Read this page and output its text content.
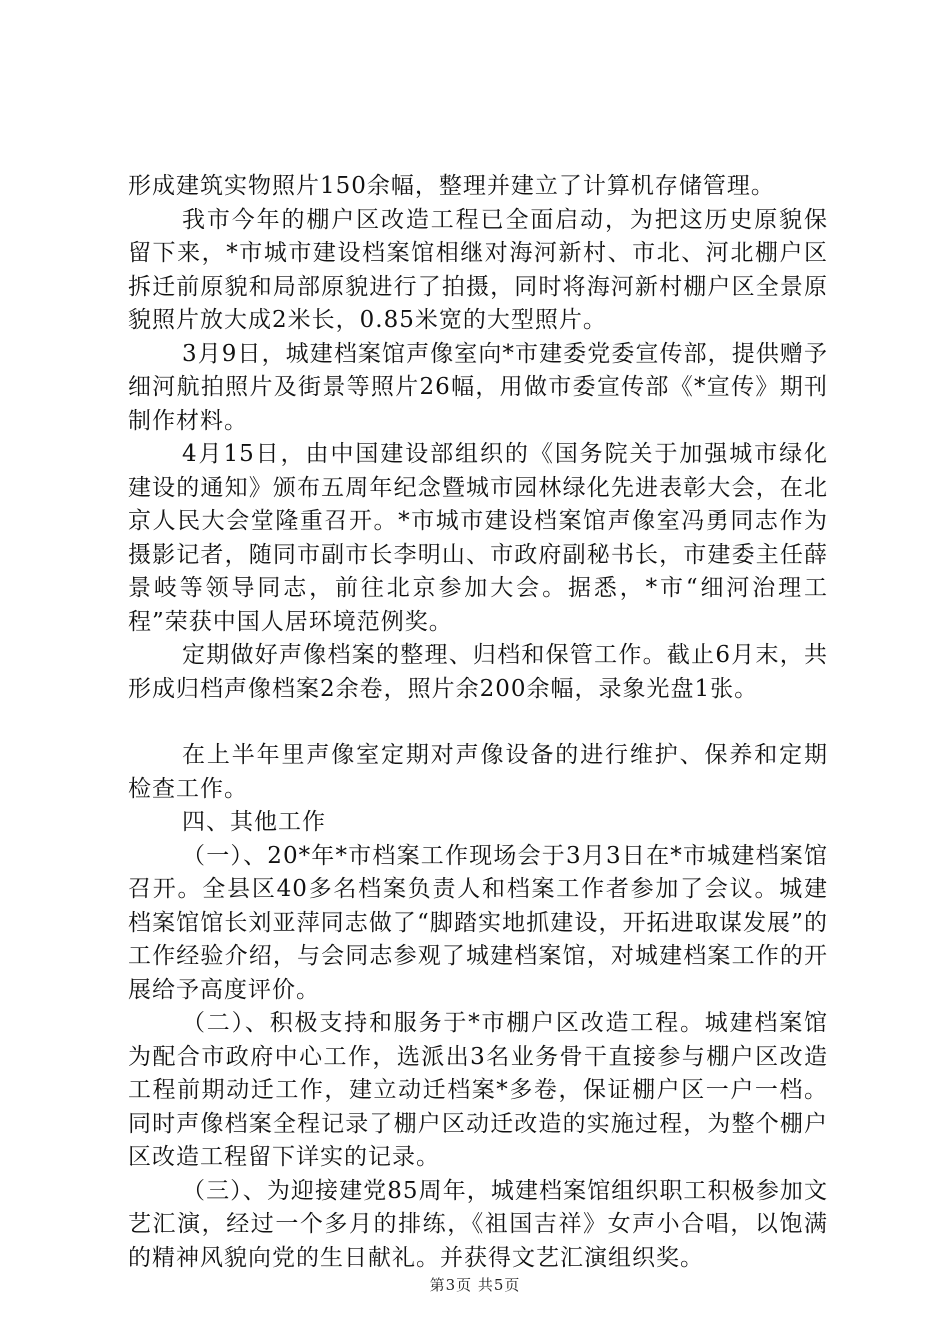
形成建筑实物照片150余幅，整理并建立了计算机存储管理。

我市今年的棚户区改造工程已全面启动，为把这历史原貌保留下来，*市城市建设档案馆相继对海河新村、市北、河北棚户区拆迁前原貌和局部原貌进行了拍摄，同时将海河新村棚户区全景原貌照片放大成2米长，0.85米宽的大型照片。

3月9日，城建档案馆声像室向*市建委党委宣传部，提供赠予细河航拍照片及街景等照片26幅，用做市委宣传部《*宣传》期刊制作材料。

4月15日，由中国建设部组织的《国务院关于加强城市绿化建设的通知》颁布五周年纪念暨城市园林绿化先进表彰大会，在北京人民大会堂隆重召开。*市城市建设档案馆声像室冯勇同志作为摄影记者，随同市副市长李明山、市政府副秘书长，市建委主任薛景岐等领导同志，前往北京参加大会。据悉，*市“细河治理工程”荣获中国人居环境范例奖。

定期做好声像档案的整理、归档和保管工作。截止6月末，共形成归档声像档案2余卷，照片余200余幅，录象光盘1张。

在上半年里声像室定期对声像设备的进行维护、保养和定期检查工作。

四、其他工作

（一）、20*年*市档案工作现场会于3月3日在*市城建档案馆召开。全县区40多名档案负责人和档案工作者参加了会议。城建档案馆馆长刘亚萍同志做了“脚踏实地抓建设，开拓进取谋发展”的工作经验介绍，与会同志参观了城建档案馆，对城建档案工作的开展给予高度评价。

（二）、积极支持和服务于*市棚户区改造工程。城建档案馆为配合市政府中心工作，选派出3名业务骨干直接参与棚户区改造工程前期动迁工作，建立动迁档案*多卷，保证棚户区一户一档。同时声像档案全程记录了棚户区动迁改造的实施过程，为整个棚户区改造工程留下详实的记录。

（三）、为迎接建党85周年，城建档案馆组织职工积极参加文艺汇演，经过一个多月的排练，《祖国吉祥》女声小合唱，以饱满的精神风貌向党的生日献礼。并获得文艺汇演组织奖。

第3页 共5页
